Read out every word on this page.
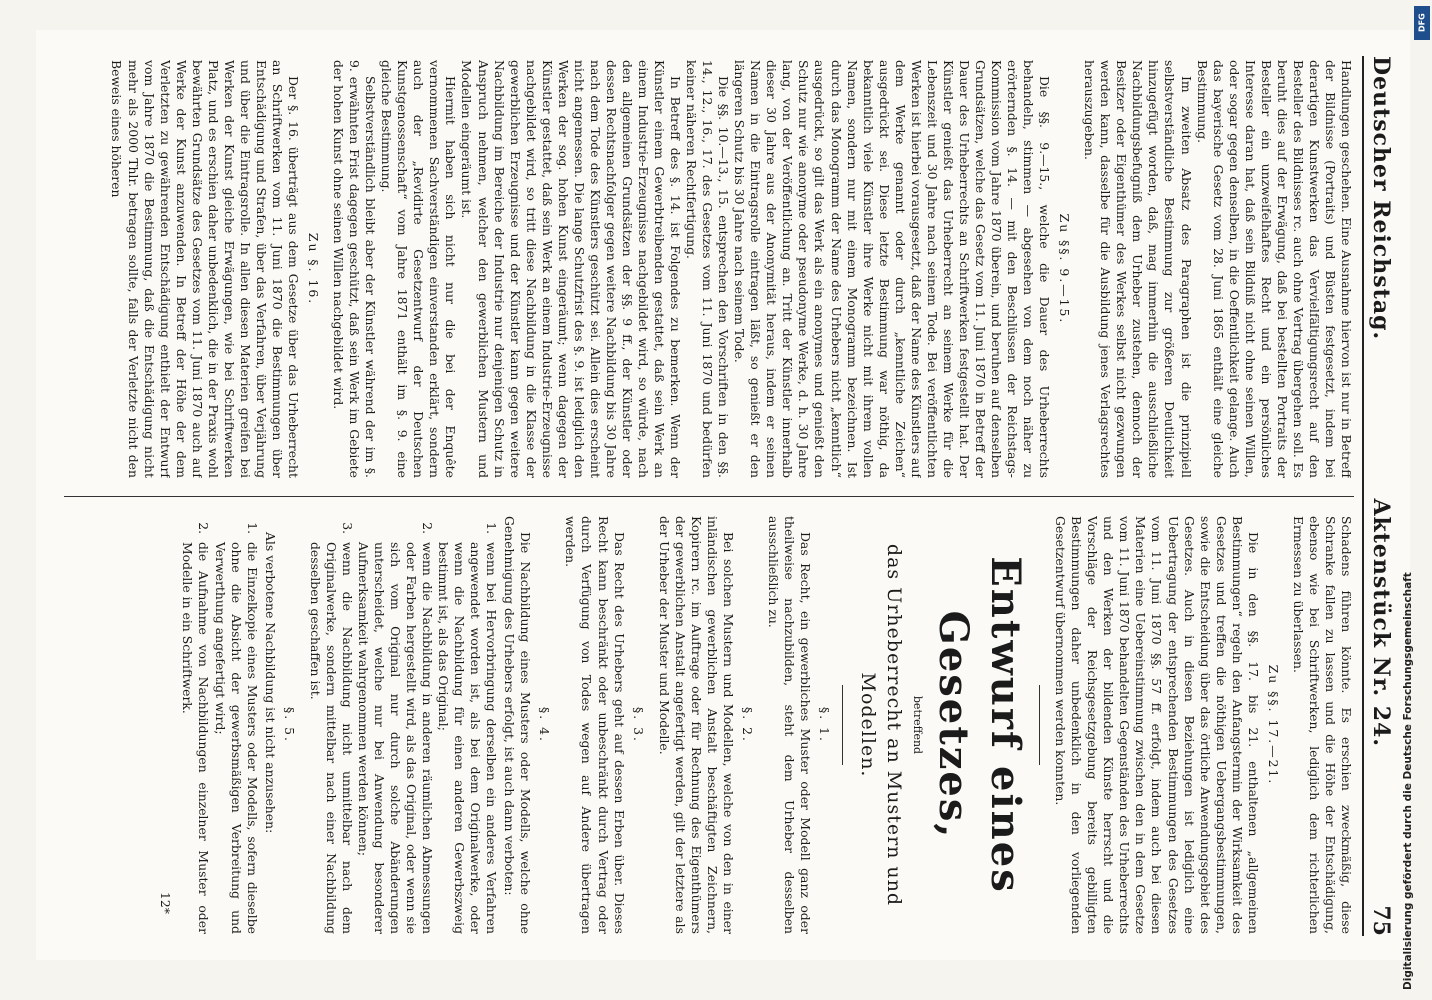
Deutscher Reichstag.
Aktenstück Nr. 24.
75

Handlungen geschehen. Eine Ausnahme hiervon ist nur in Betreff der Bildnisse (Portraits) und Büsten festgesetzt, indem bei derartigen Kunstwerken das Vervielfältigungsrecht auf den Besteller des Bildnisses rc. auch ohne Vertrag übergehen soll. Es beruht dies auf der Erwägung, daß bei bestellten Portraits der Besteller ein unzweifelhaftes Recht und ein persönliches Interesse daran hat, daß sein Bildniß nicht ohne seinen Willen, oder sogar gegen denselben, in die Oeffentlichkeit gelange. Auch das bayerische Gesetz vom 28. Juni 1865 enthält eine gleiche Bestimmung.

Im zweiten Absatz des Paragraphen ist die prinzipiell selbstverständliche Bestimmung zur größeren Deutlichkeit hinzugefügt worden, daß, mag immerhin die ausschließliche Nachbildungsbefugniß dem Urheber zustehen, dennoch der Besitzer oder Eigenthümer des Werkes selbst nicht gezwungen werden kann, dasselbe für die Ausbildung jenes Verlagsrechtes herauszugeben.

Zu §§. 9.—15.

Die §§. 9.—15., welche die Dauer des Urheberrechts behandeln, stimmen — abgesehen von dem noch näher zu erörternden §. 14. — mit den Beschlüssen der Reichstags-Kommission vom Jahre 1870 überein, und beruhen auf denselben Grundsätzen, welche das Gesetz vom 11. Juni 1870 in Betreff der Dauer des Urheberrechts an Schriftwerken festgestellt hat. Der Künstler genießt das Urheberrecht an seinem Werke für die Lebenszeit und 30 Jahre nach seinem Tode. Bei veröffentlichten Werken ist hierbei vorausgesetzt, daß der Name des Künstlers auf dem Werke genannt oder durch „kenntliche Zeichen“ ausgedrückt sei. Diese letzte Bestimmung war nöthig, da bekanntlich viele Künstler ihre Werke nicht mit ihrem vollen Namen, sondern nur mit einem Monogramm bezeichnen. Ist durch das Monogramm der Name des Urhebers nicht „kenntlich“ ausgedrückt, so gilt das Werk als ein anonymes und genießt den Schutz nur wie anonyme oder pseudonyme Werke, d. h. 30 Jahre lang, von der Veröffentlichung an. Tritt der Künstler innerhalb dieser 30 Jahre aus der Anonymität heraus, indem er seinen Namen in die Eintragsrolle eintragen läßt, so genießt er den längeren Schutz bis 30 Jahre nach seinem Tode.

Die §§. 10.—13., 15. entsprechen den Vorschriften in den §§. 14., 12., 16., 17. des Gesetzes vom 11. Juni 1870 und bedürfen keiner näheren Rechtfertigung.

In Betreff des §. 14. ist Folgendes zu bemerken. Wenn der Künstler einem Gewerbtreibenden gestattet, daß sein Werk an einem Industrie-Erzeugnisse nachgebildet wird, so würde, nach den allgemeinen Grundsätzen der §§. 9 ff., der Künstler oder dessen Rechtsnachfolger gegen weitere Nachbildung bis 30 Jahre nach dem Tode des Künstlers geschützt sei. Allein dies erscheint nicht angemessen. Die lange Schutzfrist des §. 9. ist lediglich den Werken der sog. hohen Kunst eingeräumt; wenn dagegen der Künstler gestattet, daß sein Werk an einem Industrie-Erzeugnisse nachgebildet wird, so tritt diese Nachbildung in die Klasse der gewerblichen Erzeugnisse und der Künstler kann gegen weitere Nachbildung im Bereiche der Industrie nur denjenigen Schutz in Anspruch nehmen, welcher den gewerblichen Mustern und Modellen eingeräumt ist.

Hiermit haben sich nicht nur die bei der Enquête vernommenen Sachverständigen einverstanden erklärt, sondern auch der „Revidirte Gesetzentwurf der Deutschen Kunstgenossenschaft“ vom Jahre 1871 enthält im §. 9. eine gleiche Bestimmung.

Selbstverständlich bleibt aber der Künstler während der im §. 9. erwähnten Frist dagegen geschützt, daß sein Werk im Gebiete der hohen Kunst ohne seinen Willen nachgebildet wird.

Zu §. 16.

Der §. 16. überträgt aus dem Gesetze über das Urheberrecht an Schriftwerken vom 11. Juni 1870 die Bestimmungen über Entschädigung und Strafen, über das Verfahren, über Verjährung und über die Eintragsrolle. In allen diesen Materien greifen bei Werken der Kunst gleiche Erwägungen, wie bei Schriftwerken Platz, und es erschien daher unbedenklich, die in der Praxis wohl bewährten Grundsätze des Gesetzes vom 11. Juni 1870 auch auf Werke der Kunst anzuwenden. In Betreff der Höhe der dem Verletzten zu gewährenden Entschädigung enthielt der Entwurf vom Jahre 1870 die Bestimmung, daß die Entschädigung nicht mehr als 2000 Thlr. betragen sollte, falls der Verletzte nicht den Beweis eines höheren

Schadens führen könnte. Es erschien zweckmäßig, diese Schranke fallen zu lassen und die Höhe der Entschädigung, ebenso wie bei Schriftwerken, lediglich dem richterlichen Ermessen zu überlassen.

Zu §§. 17.—21.

Die in den §§. 17. bis 21. enthaltenen „allgemeinen Bestimmungen“ regeln den Anfangstermin der Wirksamkeit des Gesetzes und treffen die nöthigen Uebergangsbestimmungen, sowie die Entscheidung über das örtliche Anwendungsgebiet des Gesetzes. Auch in diesen Beziehungen ist lediglich eine Uebertragung der entsprechenden Bestimmungen des Gesetzes vom 11. Juni 1870 §§. 57 ff. erfolgt, indem auch bei diesen Materien eine Uebereinstimmung zwischen den in dem Gesetze vom 11. Juni 1870 behandelten Gegenständen des Urheberrechts und den Werken der bildenden Künste herrscht und die Vorschläge der Reichsgesetzgebung bereits gebilligten Bestimmungen daher unbedenklich in den vorliegenden Gesetzentwurf übernommen werden konnten.

Entwurf eines Gesetzes,

betreffend

das Urheberrecht an Mustern und Modellen.

§. 1.

Das Recht, ein gewerbliches Muster oder Modell ganz oder theilweise nachzubilden, steht dem Urheber desselben ausschließlich zu.

§. 2.

Bei solchen Mustern und Modellen, welche von den in einer inländischen gewerblichen Anstalt beschäftigten Zeichnern, Kopirern rc. im Auftrage oder für Rechnung des Eigenthümers der gewerblichen Anstalt angefertigt werden, gilt der letztere als der Urheber der Muster und Modelle.

§. 3.

Das Recht des Urhebers geht auf dessen Erben über. Dieses Recht kann beschränkt oder unbeschränkt durch Vertrag oder durch Verfügung von Todes wegen auf Andere übertragen werden.

§. 4.

Die Nachbildung eines Musters oder Modells, welche ohne Genehmigung des Urhebers erfolgt, ist auch dann verboten:

1. wenn bei Hervorbringung derselben ein anderes Verfahren angewendet worden ist, als bei dem Originalwerke, oder wenn die Nachbildung für einen anderen Gewerbszweig bestimmt ist, als das Original;
2. wenn die Nachbildung in anderen räumlichen Abmessungen oder Farben hergestellt wird, als das Original, oder wenn sie sich vom Original nur durch solche Abänderungen unterscheidet, welche nur bei Anwendung besonderer Aufmerksamkeit wahrgenommen werden können;
3. wenn die Nachbildung nicht unmittelbar nach dem Originalwerke, sondern mittelbar nach einer Nachbildung desselben geschaffen ist.

§. 5.

Als verbotene Nachbildung ist nicht anzusehen:

1. die Einzelkopie eines Musters oder Modells, sofern dieselbe ohne die Absicht der gewerbsmäßigen Verbreitung und Verwerthung angefertigt wird;
2. die Aufnahme von Nachbildungen einzelner Muster oder Modelle in ein Schriftwerk.

12*	Digitalisierung gefördert durch die Deutsche Forschungsgemeinschaft
DFG
